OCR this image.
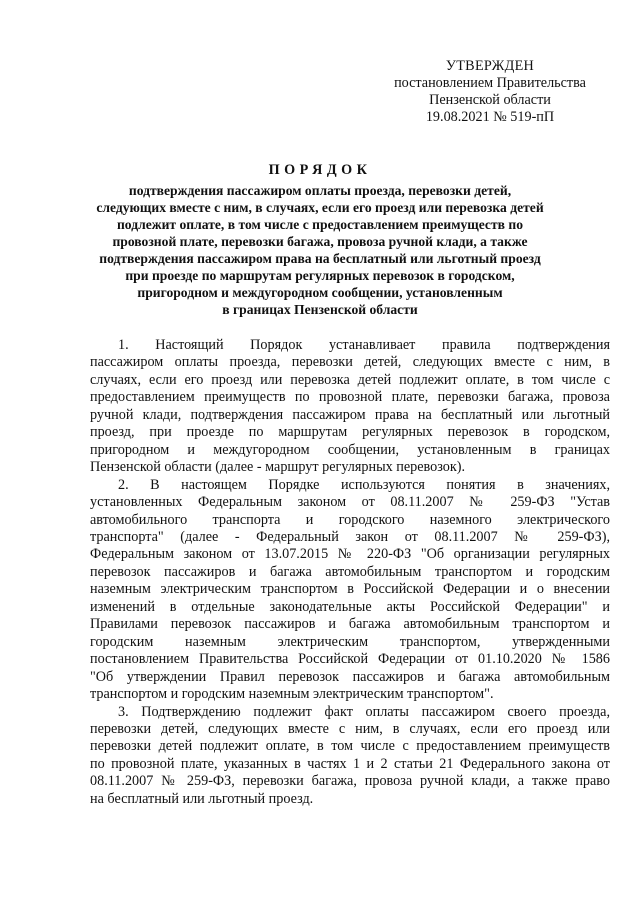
УТВЕРЖДЕН
постановлением Правительства
Пензенской области
19.08.2021 № 519-пП
ПОРЯДОК
подтверждения пассажиром оплаты проезда, перевозки детей,
следующих вместе с ним, в случаях, если его проезд или перевозка детей
подлежит оплате, в том числе с предоставлением преимуществ по
провозной плате, перевозки багажа, провоза ручной клади, а также
подтверждения пассажиром права на бесплатный или льготный проезд
при проезде по маршрутам регулярных перевозок в городском,
пригородном и междугородном сообщении, установленным
в границах Пензенской области
1. Настоящий Порядок устанавливает правила подтверждения
пассажиром оплаты проезда, перевозки детей, следующих вместе с ним, в
случаях, если его проезд или перевозка детей подлежит оплате, в том числе с
предоставлением преимуществ по провозной плате, перевозки багажа, провоза
ручной клади, подтверждения пассажиром права на бесплатный или льготный
проезд, при проезде по маршрутам регулярных перевозок в городском,
пригородном и междугородном сообщении, установленным в границах
Пензенской области (далее - маршрут регулярных перевозок).
2. В настоящем Порядке используются понятия в значениях,
установленных Федеральным законом от 08.11.2007 № 259-ФЗ "Устав
автомобильного транспорта и городского наземного электрического
транспорта" (далее - Федеральный закон от 08.11.2007 № 259-ФЗ),
Федеральным законом от 13.07.2015 № 220-ФЗ "Об организации регулярных
перевозок пассажиров и багажа автомобильным транспортом и городским
наземным электрическим транспортом в Российской Федерации и о внесении
изменений в отдельные законодательные акты Российской Федерации" и
Правилами перевозок пассажиров и багажа автомобильным транспортом и
городским наземным электрическим транспортом, утвержденными
постановлением Правительства Российской Федерации от 01.10.2020 № 1586
"Об утверждении Правил перевозок пассажиров и багажа автомобильным
транспортом и городским наземным электрическим транспортом".
3. Подтверждению подлежит факт оплаты пассажиром своего проезда,
перевозки детей, следующих вместе с ним, в случаях, если его проезд или
перевозки детей подлежит оплате, в том числе с предоставлением преимуществ
по провозной плате, указанных в частях 1 и 2 статьи 21 Федерального закона от
08.11.2007 № 259-ФЗ, перевозки багажа, провоза ручной клади, а также право
на бесплатный или льготный проезд.
